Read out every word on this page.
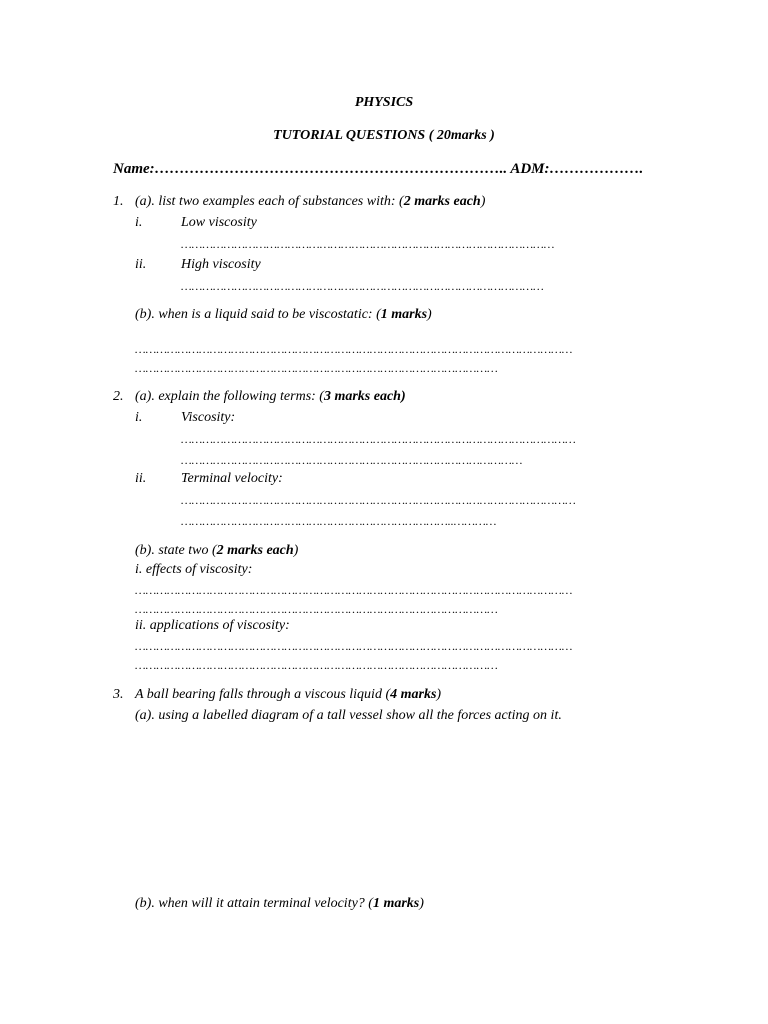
PHYSICS
TUTORIAL QUESTIONS ( 20marks )
Name:…………………………………………………………….. ADM:……………….
1. (a). list two examples each of substances with: (2 marks each)
i.	Low viscosity
……………………………………………………………………………………………
ii. High viscosity
…………………………………………………………………………………………
(b). when is a liquid said to be viscostatic: (1 marks)
……………………………………………………………………………………………………………
…………………………………………………………………………………………
2. (a). explain the following terms: (3 marks each)
i.	Viscosity:
…………………………………………………………………………………………………
……………………………………………………………………………………
ii. Terminal velocity:
…………………………………………………………………………………………………
…………………………………………………………………..…………
(b). state two (2 marks each)
i. effects of viscosity:
……………………………………………………………………………………………………………
…………………………………………………………………………………………
ii. applications of viscosity:
……………………………………………………………………………………………………………
…………………………………………………………………………………………
3. A ball bearing falls through a viscous liquid (4 marks)
(a). using a labelled diagram of a tall vessel show all the forces acting on it.
(b). when will it attain terminal velocity? (1 marks)
